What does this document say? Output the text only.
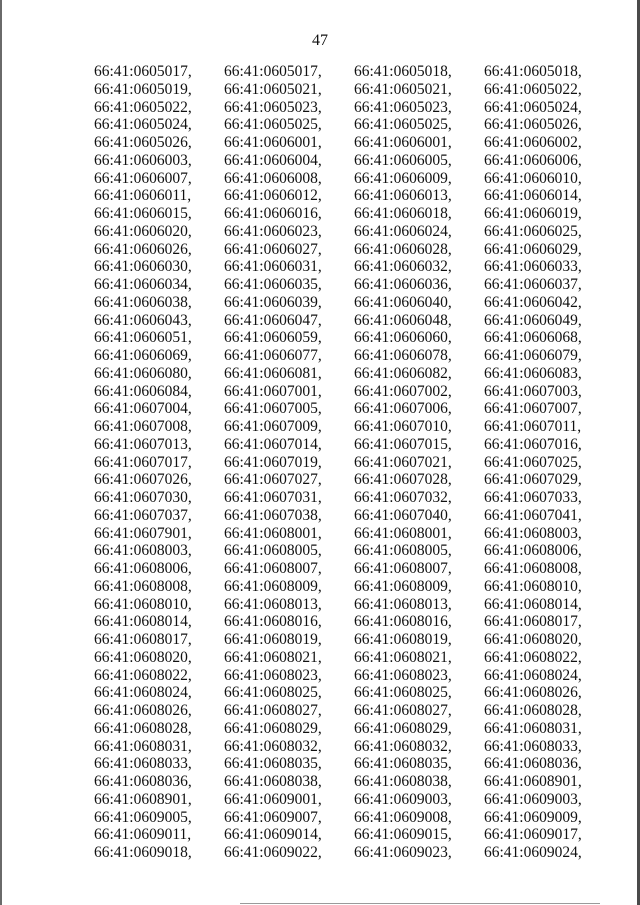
47
66:41:0605017,	66:41:0605017,	66:41:0605018,	66:41:0605018,
66:41:0605019,	66:41:0605021,	66:41:0605021,	66:41:0605022,
66:41:0605022,	66:41:0605023,	66:41:0605023,	66:41:0605024,
66:41:0605024,	66:41:0605025,	66:41:0605025,	66:41:0605026,
66:41:0605026,	66:41:0606001,	66:41:0606001,	66:41:0606002,
66:41:0606003,	66:41:0606004,	66:41:0606005,	66:41:0606006,
66:41:0606007,	66:41:0606008,	66:41:0606009,	66:41:0606010,
66:41:0606011,	66:41:0606012,	66:41:0606013,	66:41:0606014,
66:41:0606015,	66:41:0606016,	66:41:0606018,	66:41:0606019,
66:41:0606020,	66:41:0606023,	66:41:0606024,	66:41:0606025,
66:41:0606026,	66:41:0606027,	66:41:0606028,	66:41:0606029,
66:41:0606030,	66:41:0606031,	66:41:0606032,	66:41:0606033,
66:41:0606034,	66:41:0606035,	66:41:0606036,	66:41:0606037,
66:41:0606038,	66:41:0606039,	66:41:0606040,	66:41:0606042,
66:41:0606043,	66:41:0606047,	66:41:0606048,	66:41:0606049,
66:41:0606051,	66:41:0606059,	66:41:0606060,	66:41:0606068,
66:41:0606069,	66:41:0606077,	66:41:0606078,	66:41:0606079,
66:41:0606080,	66:41:0606081,	66:41:0606082,	66:41:0606083,
66:41:0606084,	66:41:0607001,	66:41:0607002,	66:41:0607003,
66:41:0607004,	66:41:0607005,	66:41:0607006,	66:41:0607007,
66:41:0607008,	66:41:0607009,	66:41:0607010,	66:41:0607011,
66:41:0607013,	66:41:0607014,	66:41:0607015,	66:41:0607016,
66:41:0607017,	66:41:0607019,	66:41:0607021,	66:41:0607025,
66:41:0607026,	66:41:0607027,	66:41:0607028,	66:41:0607029,
66:41:0607030,	66:41:0607031,	66:41:0607032,	66:41:0607033,
66:41:0607037,	66:41:0607038,	66:41:0607040,	66:41:0607041,
66:41:0607901,	66:41:0608001,	66:41:0608001,	66:41:0608003,
66:41:0608003,	66:41:0608005,	66:41:0608005,	66:41:0608006,
66:41:0608006,	66:41:0608007,	66:41:0608007,	66:41:0608008,
66:41:0608008,	66:41:0608009,	66:41:0608009,	66:41:0608010,
66:41:0608010,	66:41:0608013,	66:41:0608013,	66:41:0608014,
66:41:0608014,	66:41:0608016,	66:41:0608016,	66:41:0608017,
66:41:0608017,	66:41:0608019,	66:41:0608019,	66:41:0608020,
66:41:0608020,	66:41:0608021,	66:41:0608021,	66:41:0608022,
66:41:0608022,	66:41:0608023,	66:41:0608023,	66:41:0608024,
66:41:0608024,	66:41:0608025,	66:41:0608025,	66:41:0608026,
66:41:0608026,	66:41:0608027,	66:41:0608027,	66:41:0608028,
66:41:0608028,	66:41:0608029,	66:41:0608029,	66:41:0608031,
66:41:0608031,	66:41:0608032,	66:41:0608032,	66:41:0608033,
66:41:0608033,	66:41:0608035,	66:41:0608035,	66:41:0608036,
66:41:0608036,	66:41:0608038,	66:41:0608038,	66:41:0608901,
66:41:0608901,	66:41:0609001,	66:41:0609003,	66:41:0609003,
66:41:0609005,	66:41:0609007,	66:41:0609008,	66:41:0609009,
66:41:0609011,	66:41:0609014,	66:41:0609015,	66:41:0609017,
66:41:0609018,	66:41:0609022,	66:41:0609023,	66:41:0609024,
